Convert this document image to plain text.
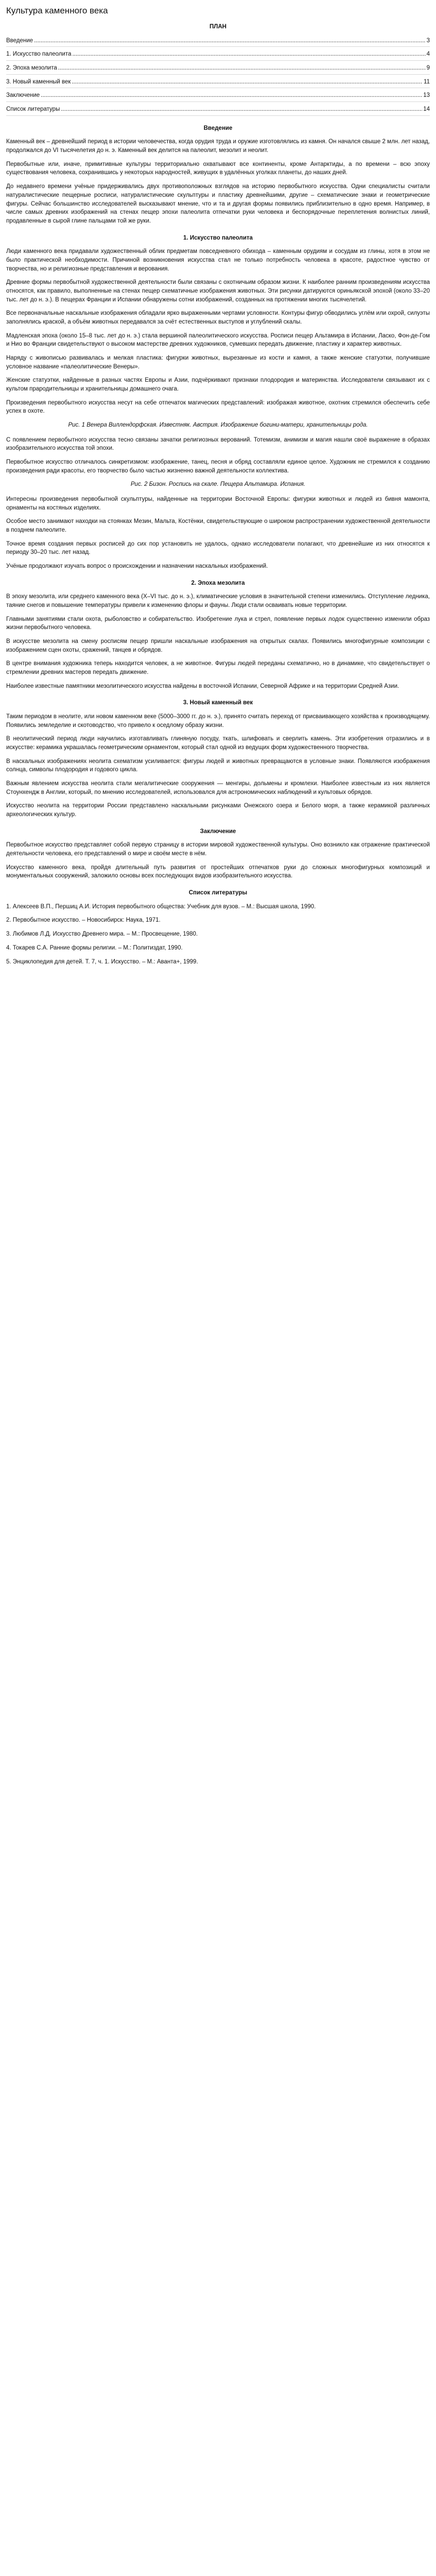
Культура каменного века
ПЛАН
Введение .....	3
1. Искусство палеолита .....	4
2. Эпоха мезолита .....	9
3. Новый каменный век .....	11
Заключение .....	13
Список литературы .....	14
Введение

Каменный век – древнейший период в истории человечества, когда орудия труда и оружие изготовлялись из камня. Он начался свыше 2 млн. лет назад, продолжался до VI тысячелетия до н. э. Каменный век делится на палеолит, мезолит и неолит.

Первобытные или, иначе, примитивные культуры территориально охватывают все континенты, кроме Антарктиды, а по времени – всю эпоху существования человека, сохранившись у некоторых народностей, живущих в удалённых уголках планеты, до наших дней.

До недавнего времени учёные придерживались двух противоположных взглядов на историю первобытного искусства. Одни специалисты считали натуралистические пещерные росписи, натуралистические скульптуры и пластику древнейшими, другие – схематические знаки и геометрические фигуры. Сейчас большинство исследователей высказывают мнение, что и та и другая формы появились приблизительно в одно время. Например, в числе самых древних изображений на стенах пещер эпохи палеолита отпечатки руки человека и беспорядочные переплетения волнистых линий, продавленные в сырой глине пальцами той же руки.

1. Искусство палеолита

Люди каменного века придавали художественный облик предметам повседневного обихода – каменным орудиям и сосудам из глины, хотя в этом не было практической необходимости. Причиной возникновения искусства стал не только потребность человека в красоте, радостное чувство от творчества, но и религиозные представления и верования.

Древние формы первобытной художественной деятельности были связаны с охотничьим образом жизни. К наиболее ранним произведениям искусства относятся, как правило, выполненные на стенах пещер схематичные изображения животных. Эти рисунки датируются ориньякской эпохой (около 33–20 тыс. лет до н. э.). В пещерах Франции и Испании обнаружены сотни изображений, созданных на протяжении многих тысячелетий.

Все первоначальные наскальные изображения обладали ярко выраженными чертами условности. Контуры фигур обводились углём или охрой, силуэты заполнялись краской, а объём животных передавался за счёт естественных выступов и углублений скалы.

Мадленская эпоха (около 15–8 тыс. лет до н. э.) стала вершиной палеолитического искусства. Росписи пещер Альтамира в Испании, Ласко, Фон-де-Гом и Нио во Франции свидетельствуют о высоком мастерстве древних художников, сумевших передать движение, пластику и характер животных.

Наряду с живописью развивалась и мелкая пластика: фигурки животных, вырезанные из кости и камня, а также женские статуэтки, получившие условное название «палеолитические Венеры».

Женские статуэтки, найденные в разных частях Европы и Азии, подчёркивают признаки плодородия и материнства. Исследователи связывают их с культом прародительницы и хранительницы домашнего очага.

Произведения первобытного искусства несут на себе отпечаток магических представлений: изображая животное, охотник стремился обеспечить себе успех в охоте.

Рис. 1 Венера Виллендорфская. Известняк. Австрия. Изображение богини-матери, хранительницы рода.

С появлением первобытного искусства тесно связаны зачатки религиозных верований. Тотемизм, анимизм и магия нашли своё выражение в образах изобразительного искусства той эпохи.

Первобытное искусство отличалось синкретизмом: изображение, танец, песня и обряд составляли единое целое. Художник не стремился к созданию произведения ради красоты, его творчество было частью жизненно важной деятельности коллектива.

Рис. 2 Бизон. Роспись на скале. Пещера Альтамира. Испания.

Интересны произведения первобытной скульптуры, найденные на территории Восточной Европы: фигурки животных и людей из бивня мамонта, орнаменты на костяных изделиях.

Особое место занимают находки на стоянках Мезин, Мальта, Костёнки, свидетельствующие о широком распространении художественной деятельности в позднем палеолите.

Точное время создания первых росписей до сих пор установить не удалось, однако исследователи полагают, что древнейшие из них относятся к периоду 30–20 тыс. лет назад.

Учёные продолжают изучать вопрос о происхождении и назначении наскальных изображений.

2. Эпоха мезолита

В эпоху мезолита, или среднего каменного века (Х–VI тыс. до н. э.), климатические условия в значительной степени изменились. Отступление ледника, таяние снегов и повышение температуры привели к изменению флоры и фауны. Люди стали осваивать новые территории.

Главными занятиями стали охота, рыболовство и собирательство. Изобретение лука и стрел, появление первых лодок существенно изменили образ жизни первобытного человека.

В искусстве мезолита на смену росписям пещер пришли наскальные изображения на открытых скалах. Появились многофигурные композиции с изображением сцен охоты, сражений, танцев и обрядов.

В центре внимания художника теперь находится человек, а не животное. Фигуры людей переданы схематично, но в динамике, что свидетельствует о стремлении древних мастеров передать движение.

Наиболее известные памятники мезолитического искусства найдены в восточной Испании, Северной Африке и на территории Средней Азии.

3. Новый каменный век

Таким периодом в неолите, или новом каменном веке (5000–3000 гг. до н. э.), принято считать переход от присваивающего хозяйства к производящему. Появились земледелие и скотоводство, что привело к оседлому образу жизни.

В неолитический период люди научились изготавливать глиняную посуду, ткать, шлифовать и сверлить камень. Эти изобретения отразились и в искусстве: керамика украшалась геометрическим орнаментом, который стал одной из ведущих форм художественного творчества.

В наскальных изображениях неолита схематизм усиливается: фигуры людей и животных превращаются в условные знаки. Появляются изображения солнца, символы плодородия и годового цикла.

Важным явлением искусства неолита стали мегалитические сооружения — менгиры, дольмены и кромлехи. Наиболее известным из них является Стоунхендж в Англии, который, по мнению исследователей, использовался для астрономических наблюдений и культовых обрядов.

Искусство неолита на территории России представлено наскальными рисунками Онежского озера и Белого моря, а также керамикой различных археологических культур.

Заключение

Первобытное искусство представляет собой первую страницу в истории мировой художественной культуры. Оно возникло как отражение практической деятельности человека, его представлений о мире и своём месте в нём.

Искусство каменного века, пройдя длительный путь развития от простейших отпечатков руки до сложных многофигурных композиций и монументальных сооружений, заложило основы всех последующих видов изобразительного искусства.

Список литературы
1. Алексеев В.П., Першиц А.И. История первобытного общества: Учебник для вузов. – М.: Высшая школа, 1990.
2. Первобытное искусство. – Новосибирск: Наука, 1971.
3. Любимов Л.Д. Искусство Древнего мира. – М.: Просвещение, 1980.
4. Токарев С.А. Ранние формы религии. – М.: Политиздат, 1990.
5. Энциклопедия для детей. Т. 7, ч. 1. Искусство. – М.: Аванта+, 1999.
